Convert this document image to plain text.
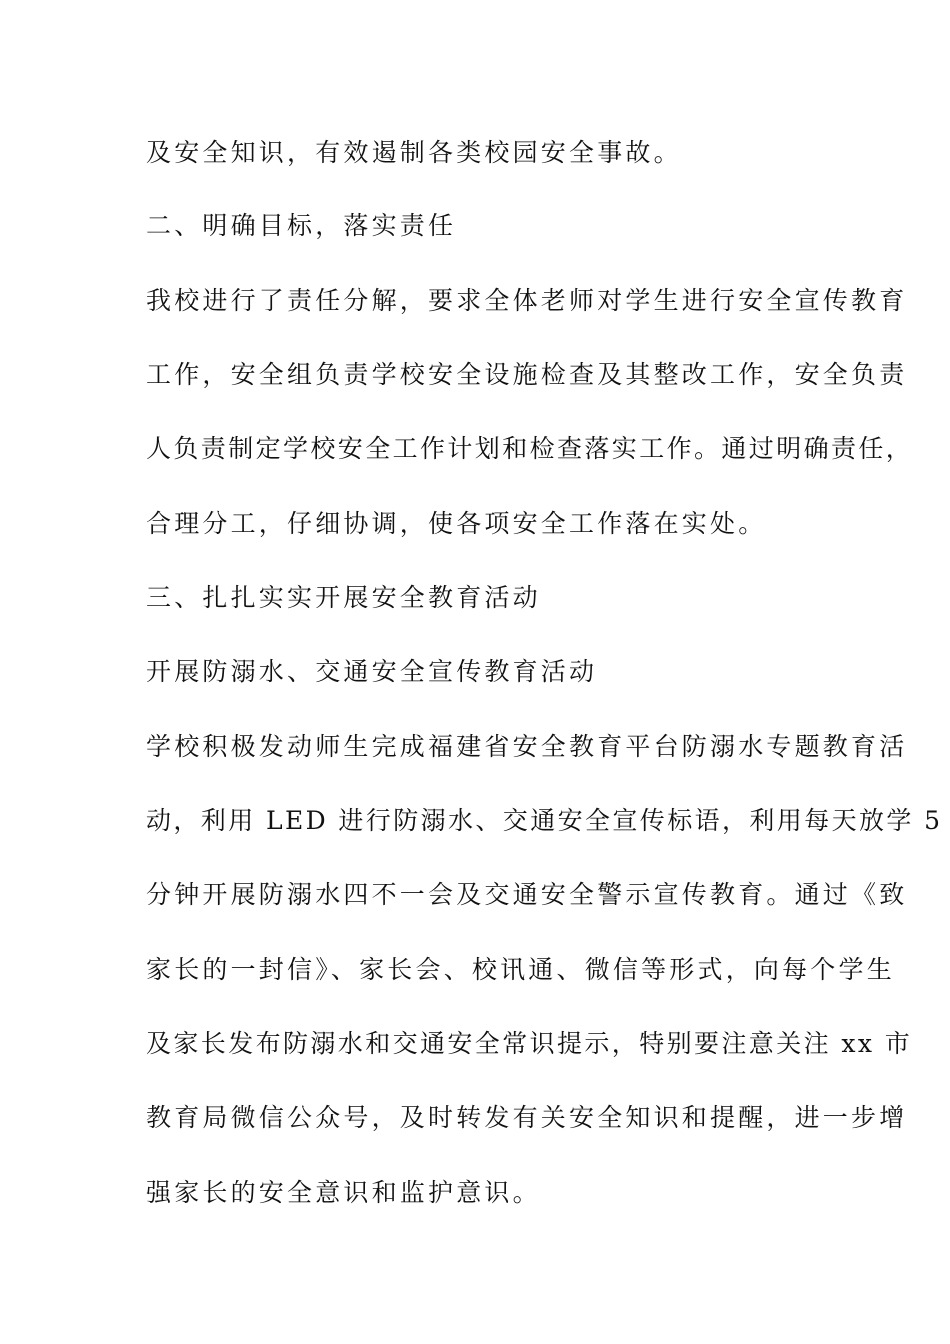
及安全知识，有效遏制各类校园安全事故。

二、明确目标，落实责任

我校进行了责任分解，要求全体老师对学生进行安全宣传教育

工作，安全组负责学校安全设施检查及其整改工作，安全负责

人负责制定学校安全工作计划和检查落实工作。通过明确责任，

合理分工，仔细协调，使各项安全工作落在实处。

三、扎扎实实开展安全教育活动

开展防溺水、交通安全宣传教育活动

学校积极发动师生完成福建省安全教育平台防溺水专题教育活

动，利用 LED 进行防溺水、交通安全宣传标语，利用每天放学 5

分钟开展防溺水四不一会及交通安全警示宣传教育。通过《致

家长的一封信》、家长会、校讯通、微信等形式，向每个学生

及家长发布防溺水和交通安全常识提示，特别要注意关注 xx 市

教育局微信公众号，及时转发有关安全知识和提醒，进一步增

强家长的安全意识和监护意识。
